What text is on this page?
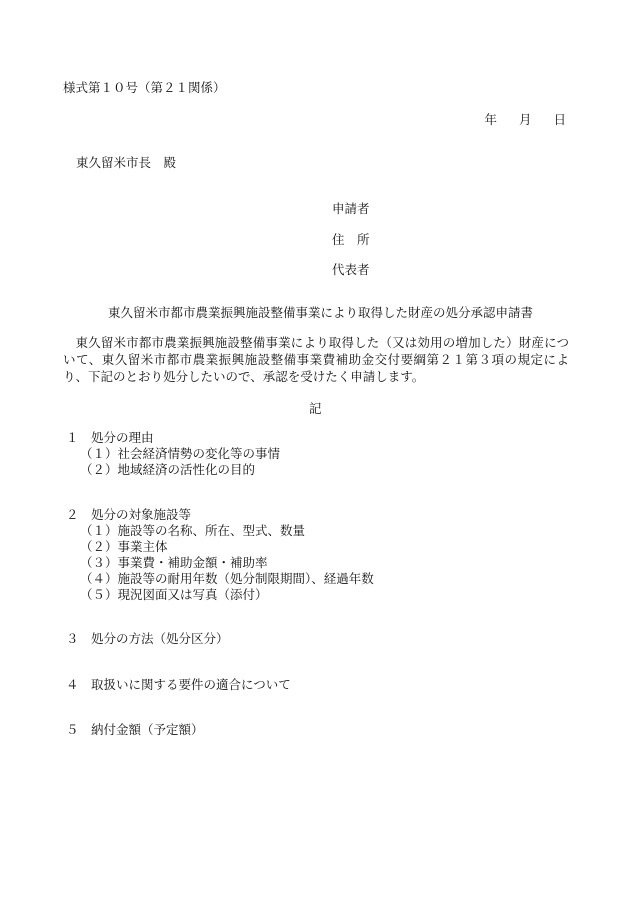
様式第１０号（第２１関係）
年 月 日
東久留米市長　殿
申請者
住　所
代表者
東久留米市都市農業振興施設整備事業により取得した財産の処分承認申請書

東久留米市都市農業振興施設整備事業により取得した（又は効用の増加した）財産について、東久留米市都市農業振興施設整備事業費補助金交付要綱第２１第３項の規定により、下記のとおり処分したいので、承認を受けたく申請します。

記
１　処分の理由
（１）社会経済情勢の変化等の事情
（２）地域経済の活性化の目的
２　処分の対象施設等
（１）施設等の名称、所在、型式、数量
（２）事業主体
（３）事業費・補助金額・補助率
（４）施設等の耐用年数（処分制限期間）、経過年数
（５）現況図面又は写真（添付）
３　処分の方法（処分区分）
４　取扱いに関する要件の適合について
５　納付金額（予定額）
